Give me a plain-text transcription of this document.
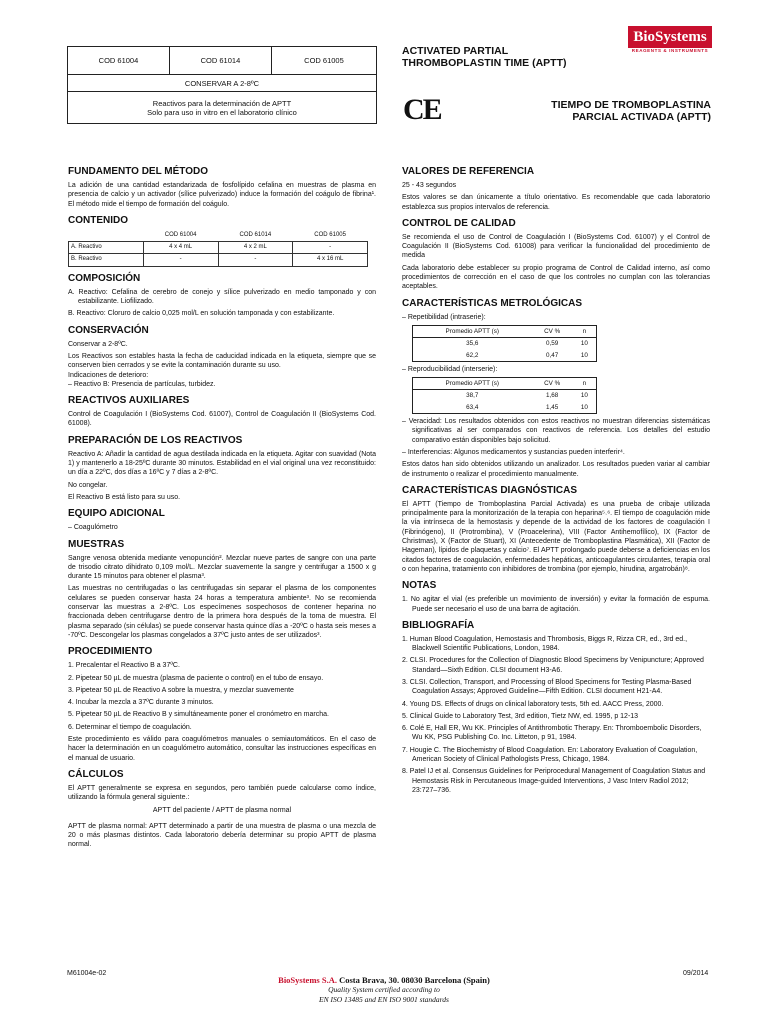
COD 61004	COD 61014	COD 61005
CONSERVAR A 2-8ºC

Reactivos para la determinación de APTT
Solo para uso in vitro en el laboratorio clínico
ACTIVATED PARTIAL
THROMBOPLASTIN TIME (APTT)
BioSystems
REAGENTS & INSTRUMENTS
CE	TIEMPO DE TROMBOPLASTINA
PARCIAL ACTIVADA (APTT)
FUNDAMENTO DEL MÉTODO

La adición de una cantidad estandarizada de fosfolípido cefalina en muestras de plasma en presencia de calcio y un activador (sílice pulverizado) induce la formación del coágulo de fibrina¹. El método mide el tiempo de formación del coágulo.

CONTENIDO
	COD 61004	COD 61014	COD 61005
A. Reactivo	4 x 4 mL	4 x 2 mL	-
B. Reactivo	-	-	4 x 16 mL
COMPOSICIÓN

A. Reactivo: Cefalina de cerebro de conejo y sílice pulverizado en medio tamponado y con estabilizante. Liofilizado.

B. Reactivo: Cloruro de calcio 0,025 mol/L en solución tamponada y con estabilizante.

CONSERVACIÓN

Conservar a 2-8ºC.

Los Reactivos son estables hasta la fecha de caducidad indicada en la etiqueta, siempre que se conserven bien cerrados y se evite la contaminación durante su uso.

Indicaciones de deterioro:

– Reactivo B: Presencia de partículas, turbidez.

REACTIVOS AUXILIARES

Control de Coagulación I (BioSystems Cod. 61007), Control de Coagulación II (BioSystems Cod. 61008).

PREPARACIÓN DE LOS REACTIVOS

Reactivo A: Añadir la cantidad de agua destilada indicada en la etiqueta. Agitar con suavidad (Nota 1) y mantenerlo a 18-25ºC durante 30 minutos. Estabilidad en el vial original una vez reconstituido: un día a 22ºC, dos días a 16ºC y 7 días a 2-8ºC.

No congelar.

El Reactivo B está listo para su uso.

EQUIPO ADICIONAL

– Coagulómetro

MUESTRAS

Sangre venosa obtenida mediante venopunción². Mezclar nueve partes de sangre con una parte de trisodio citrato dihidrato 0,109 mol/L. Mezclar suavemente la sangre y centrifugar a 1500 x g durante 15 minutos para obtener el plasma³.

Las muestras no centrifugadas o las centrifugadas sin separar el plasma de los componentes celulares se pueden conservar hasta 24 horas a temperatura ambiente³. No se recomienda conservar las muestras a 2-8ºC. Los especímenes sospechosos de contener heparina no fraccionada deben centrifugarse dentro de la primera hora después de la toma de muestra. El plasma separado (sin células) se puede conservar hasta quince días a -20ºC o hasta seis meses a -70ºC. Descongelar los plasmas congelados a 37ºC justo antes de ser utilizados³.

PROCEDIMIENTO
1. Precalentar el Reactivo B a 37ºC.
2. Pipetear 50 µL de muestra (plasma de paciente o control) en el tubo de ensayo.
3. Pipetear 50 µL de Reactivo A sobre la muestra, y mezclar suavemente
4. Incubar la mezcla a 37ºC durante 3 minutos.
5. Pipetear 50 µL de Reactivo B y simultáneamente poner el cronómetro en marcha.
6. Determinar el tiempo de coagulación.

Este procedimiento es válido para coagulómetros manuales o semiautomáticos. En el caso de hacer la determinación en un coagulómetro automático, consultar las instrucciones específicas en el manual de usuario.

CÁLCULOS

El APTT generalmente se expresa en segundos, pero también puede calcularse como índice, utilizando la fórmula general siguiente.:

APTT del paciente / APTT de plasma normal

APTT de plasma normal: APTT determinado a partir de una muestra de plasma o una mezcla de 20 o más plasmas distintos. Cada laboratorio debería determinar su propio APTT de plasma normal.

VALORES DE REFERENCIA

25 - 43 segundos

Estos valores se dan únicamente a título orientativo. Es recomendable que cada laboratorio establezca sus propios intervalos de referencia.

CONTROL DE CALIDAD

Se recomienda el uso de Control de Coagulación I (BioSystems Cod. 61007) y el Control de Coagulación II (BioSystems Cod. 61008) para verificar la funcionalidad del procedimiento de medida

Cada laboratorio debe establecer su propio programa de Control de Calidad interno, así como procedimientos de corrección en el caso de que los controles no cumplan con las tolerancias aceptables.

CARACTERÍSTICAS METROLÓGICAS

– Repetibilidad (intraserie):

Promedio APTT (s)	CV %	n
35,6	0,59	10
62,2	0,47	10

– Reproducibilidad (interserie):

Promedio APTT (s)	CV %	n
38,7	1,68	10
63,4	1,45	10

– Veracidad: Los resultados obtenidos con estos reactivos no muestran diferencias sistemáticas significativas al ser comparados con reactivos de referencia. Los detalles del estudio comparativo están disponibles bajo solicitud.

– Interferencias: Algunos medicamentos y sustancias pueden interferir⁴.

Estos datos han sido obtenidos utilizando un analizador. Los resultados pueden variar al cambiar de instrumento o realizar el procedimiento manualmente.

CARACTERÍSTICAS DIAGNÓSTICAS

El APTT (Tiempo de Tromboplastina Parcial Activada) es una prueba de cribaje utilizada principalmente para la monitorización de la terapia con heparina⁵˒⁶. El tiempo de coagulación mide la vía intrínseca de la hemostasis y depende de la actividad de los factores de coagulación I (Fibrinógeno), II (Protrombina), V (Proacelerina), VIII (Factor Antihemofílico), IX (Factor de Christmas), X (Factor de Stuart), XI (Antecedente de Tromboplastina Plasmática), XII (Factor de Hageman), lípidos de plaquetas y calcio⁷. El APTT prolongado puede deberse a deficiencias en los citados factores de coagulación, enfermedades hepáticas, anticoagulantes circulantes, terapia oral o con heparina, tratamiento con inhibidores de trombina (por ejemplo, hirudina, argatrobán)⁸.

NOTAS

1. No agitar el vial (es preferible un movimiento de inversión) y evitar la formación de espuma. Puede ser necesario el uso de una barra de agitación.

BIBLIOGRAFÍA
1. Human Blood Coagulation, Hemostasis and Thrombosis, Biggs R, Rizza CR, ed., 3rd ed., Blackwell Scientific Publications, London, 1984.
2. CLSI. Procedures for the Collection of Diagnostic Blood Specimens by Venipuncture; Approved Standard—Sixth Edition. CLSI document H3-A6.
3. CLSI. Collection, Transport, and Processing of Blood Specimens for Testing Plasma-Based Coagulation Assays; Approved Guideline—Fifth Edition. CLSI document H21-A4.
4. Young DS. Effects of drugs on clinical laboratory tests, 5th ed. AACC Press, 2000.
5. Clinical Guide to Laboratory Test, 3rd edition, Tietz NW, ed. 1995, p 12-13
6. Colé E, Hall ER, Wu KK. Principles of Antithrombotic Therapy. En: Thromboembolic Disorders, Wu KK, PSG Publishing Co. Inc. Litteton, p 91, 1984.
7. Hougie C. The Biochemistry of Blood Coagulation. En: Laboratory Evaluation of Coagulation, American Society of Clinical Pathologists Press, Chicago, 1984.
8. Patel IJ et al. Consensus Guidelines for Periprocedural Management of Coagulation Status and Hemostasis Risk in Percutaneous Image-guided Interventions, J Vasc Interv Radiol 2012; 23:727–736.
M61004e-02	09/2014
BioSystems S.A. Costa Brava, 30. 08030 Barcelona (Spain)
Quality System certified according to
EN ISO 13485 and EN ISO 9001 standards
